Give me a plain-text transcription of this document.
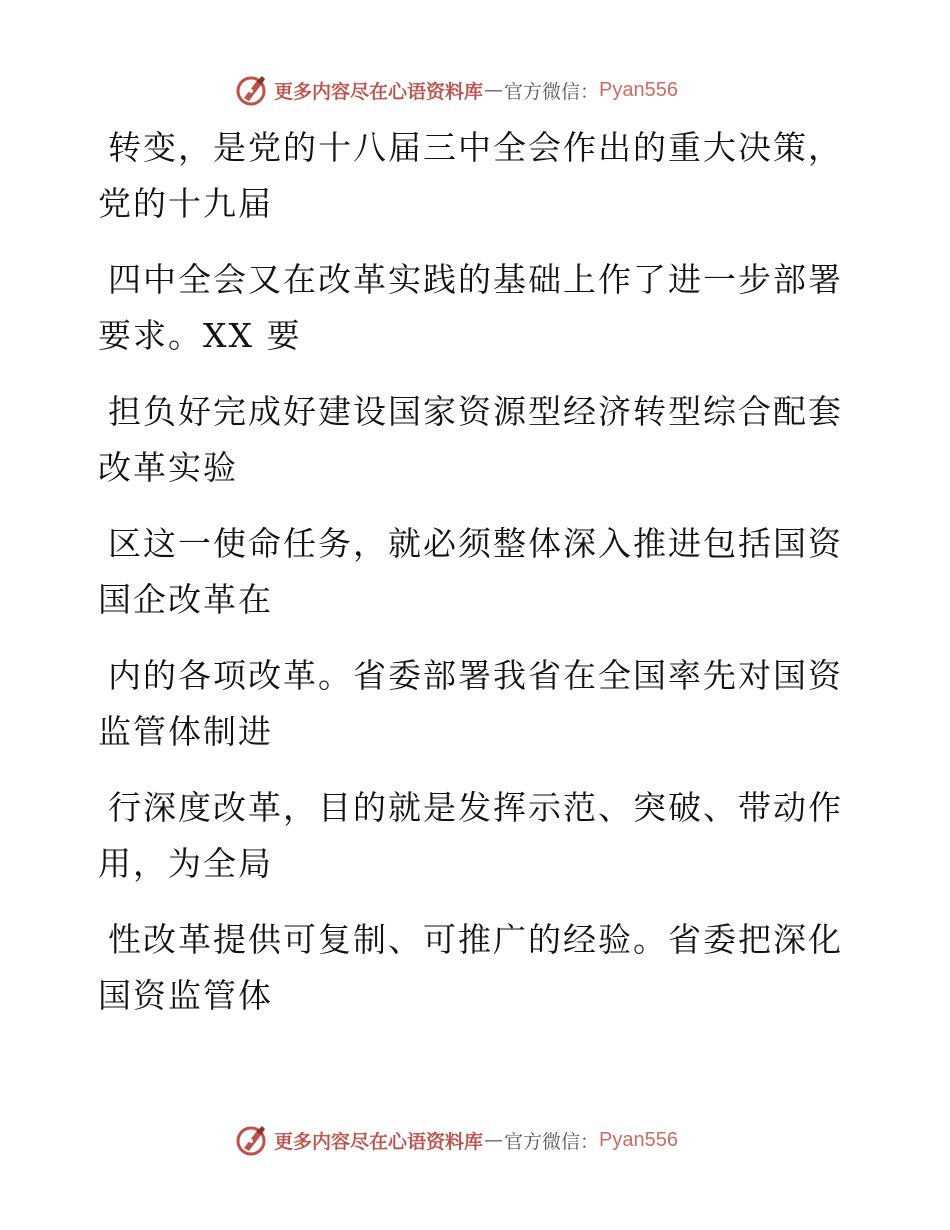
更多内容尽在心语资料库 — 官方微信： Pyan556
转变，是党的十八届三中全会作出的重大决策，
党的十九届
四中全会又在改革实践的基础上作了进一步部署
要求。XX 要
担负好完成好建设国家资源型经济转型综合配套
改革实验
区这一使命任务，就必须整体深入推进包括国资
国企改革在
内的各项改革。省委部署我省在全国率先对国资
监管体制进
行深度改革，目的就是发挥示范、突破、带动作
用，为全局
性改革提供可复制、可推广的经验。省委把深化
国资监管体
更多内容尽在心语资料库 — 官方微信： Pyan556
